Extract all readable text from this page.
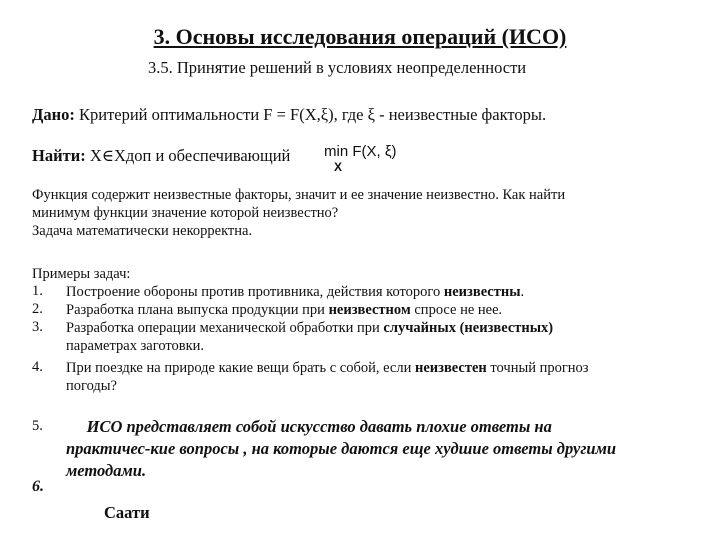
3. Основы исследования операций (ИСО)
3.5. Принятие решений в условиях неопределенности
Дано: Критерий оптимальности F = F(X,ξ), где ξ - неизвестные факторы.
Найти: X∈Xдоп и обеспечивающий min F(X, ξ)
X
Функция содержит неизвестные факторы, значит и ее значение неизвестно. Как найти
минимум функции значение которой неизвестно?
Задача математически некорректна.
Примеры задач:
1. Построение обороны против противника, действия которого неизвестны.
2. Разработка плана выпуска продукции при неизвестном спросе не нее.
3. Разработка операции механической обработки при случайных (неизвестных)
параметрах заготовки.
4. При поездке на природе какие вещи брать с собой, если неизвестен точный прогноз
погоды?
5.
6.
ИСО представляет собой искусство давать плохие ответы на
практичес-кие вопросы , на которые даются еще худшие ответы другими
методами.
Саати
